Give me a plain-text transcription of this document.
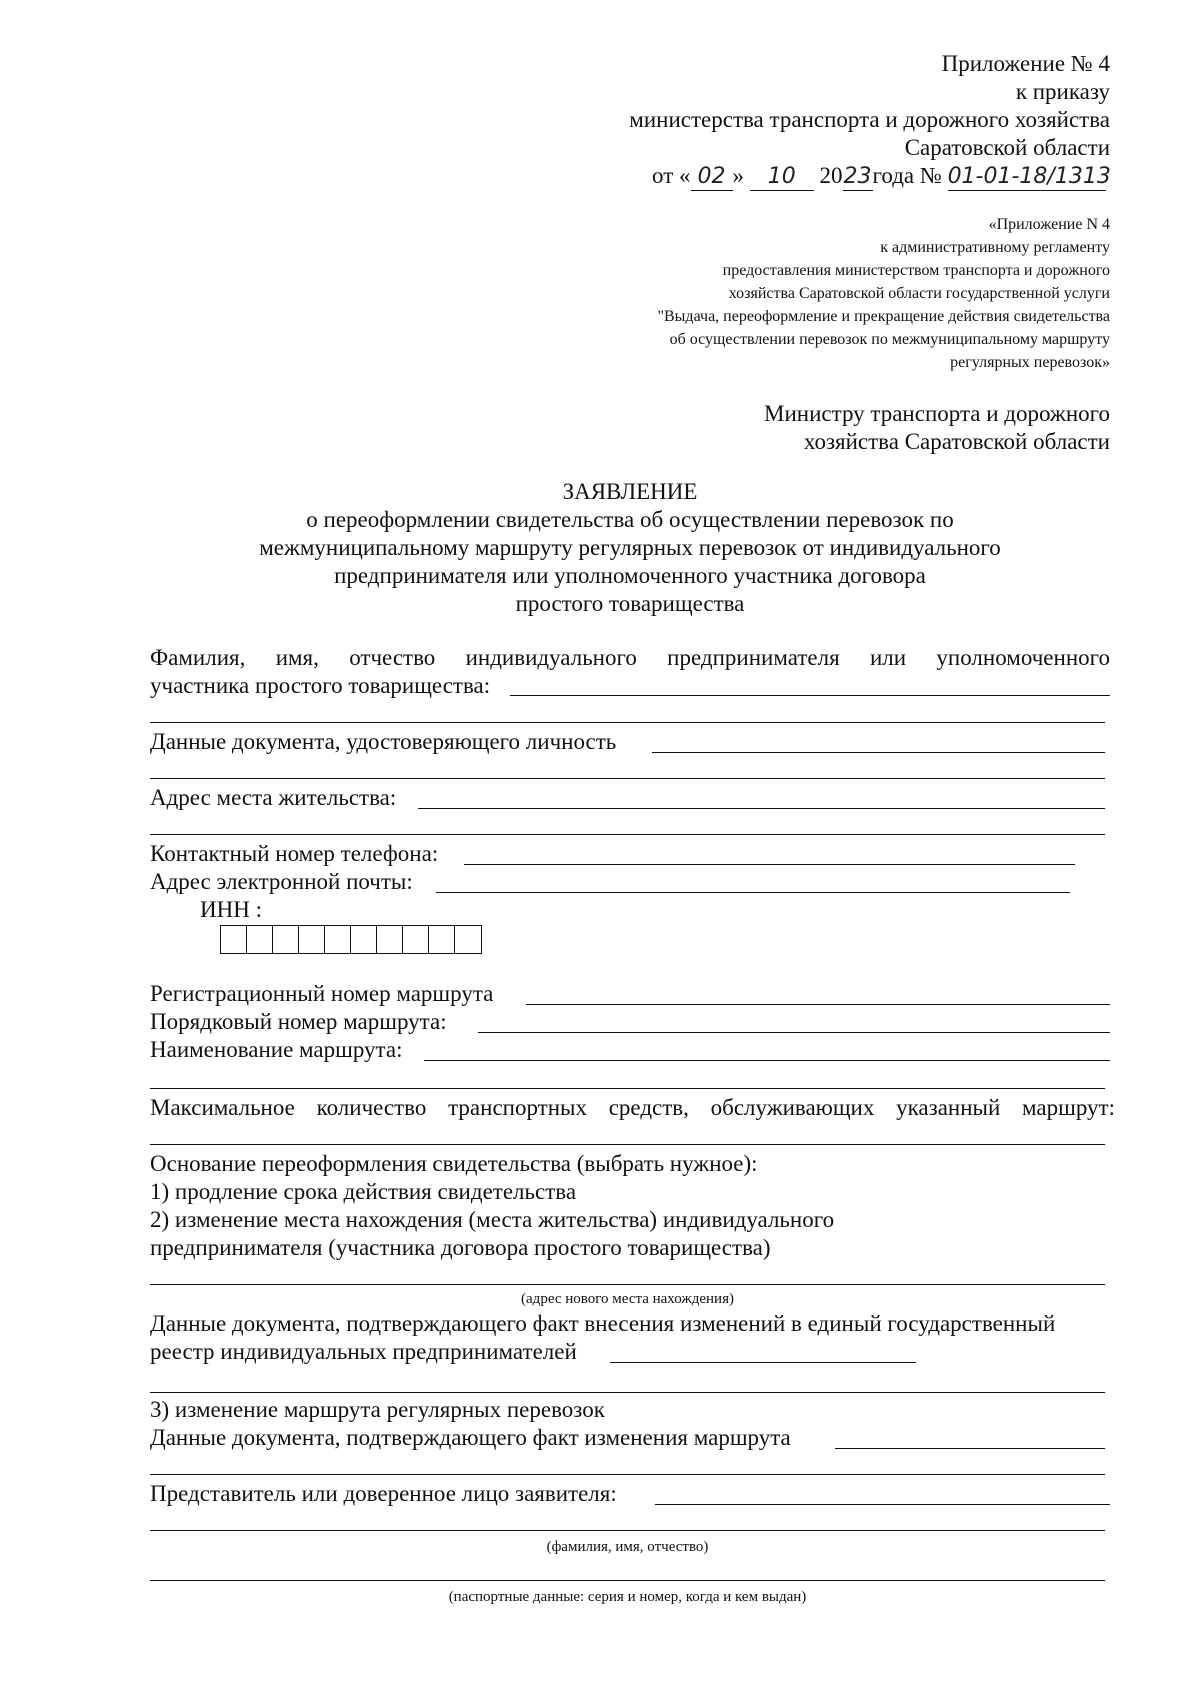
Приложение № 4
к приказу
министерства транспорта и дорожного хозяйства
Саратовской области
от « 02 » 10 2023года № 01-01-18/1313
«Приложение N 4
к административному регламенту
предоставления министерством транспорта и дорожного
хозяйства Саратовской области государственной услуги
"Выдача, переоформление и прекращение действия свидетельства
об осуществлении перевозок по межмуниципальному маршруту
регулярных перевозок»
Министру транспорта и дорожного
хозяйства Саратовской области
ЗАЯВЛЕНИЕ
о переоформлении свидетельства об осуществлении перевозок по
межмуниципальному маршруту регулярных перевозок от индивидуального
предпринимателя или уполномоченного участника договора
простого товарищества
Фамилия, имя, отчество индивидуального предпринимателя или уполномоченного
участника простого товарищества:
Данные документа, удостоверяющего личность
Адрес места жительства:
Контактный номер телефона:
Адрес электронной почты:
ИНН :
Регистрационный номер маршрута
Порядковый номер маршрута:
Наименование маршрута:
Максимальное количество транспортных средств, обслуживающих указанный маршрут:
Основание переоформления свидетельства (выбрать нужное):
1) продление срока действия свидетельства
2) изменение места нахождения (места жительства) индивидуального
предпринимателя (участника договора простого товарищества)
(адрес нового места нахождения)
Данные документа, подтверждающего факт внесения изменений в единый государственный
реестр индивидуальных предпринимателей
3) изменение маршрута регулярных перевозок
Данные документа, подтверждающего факт изменения маршрута
Представитель или доверенное лицо заявителя:
(фамилия, имя, отчество)
(паспортные данные: серия и номер, когда и кем выдан)
